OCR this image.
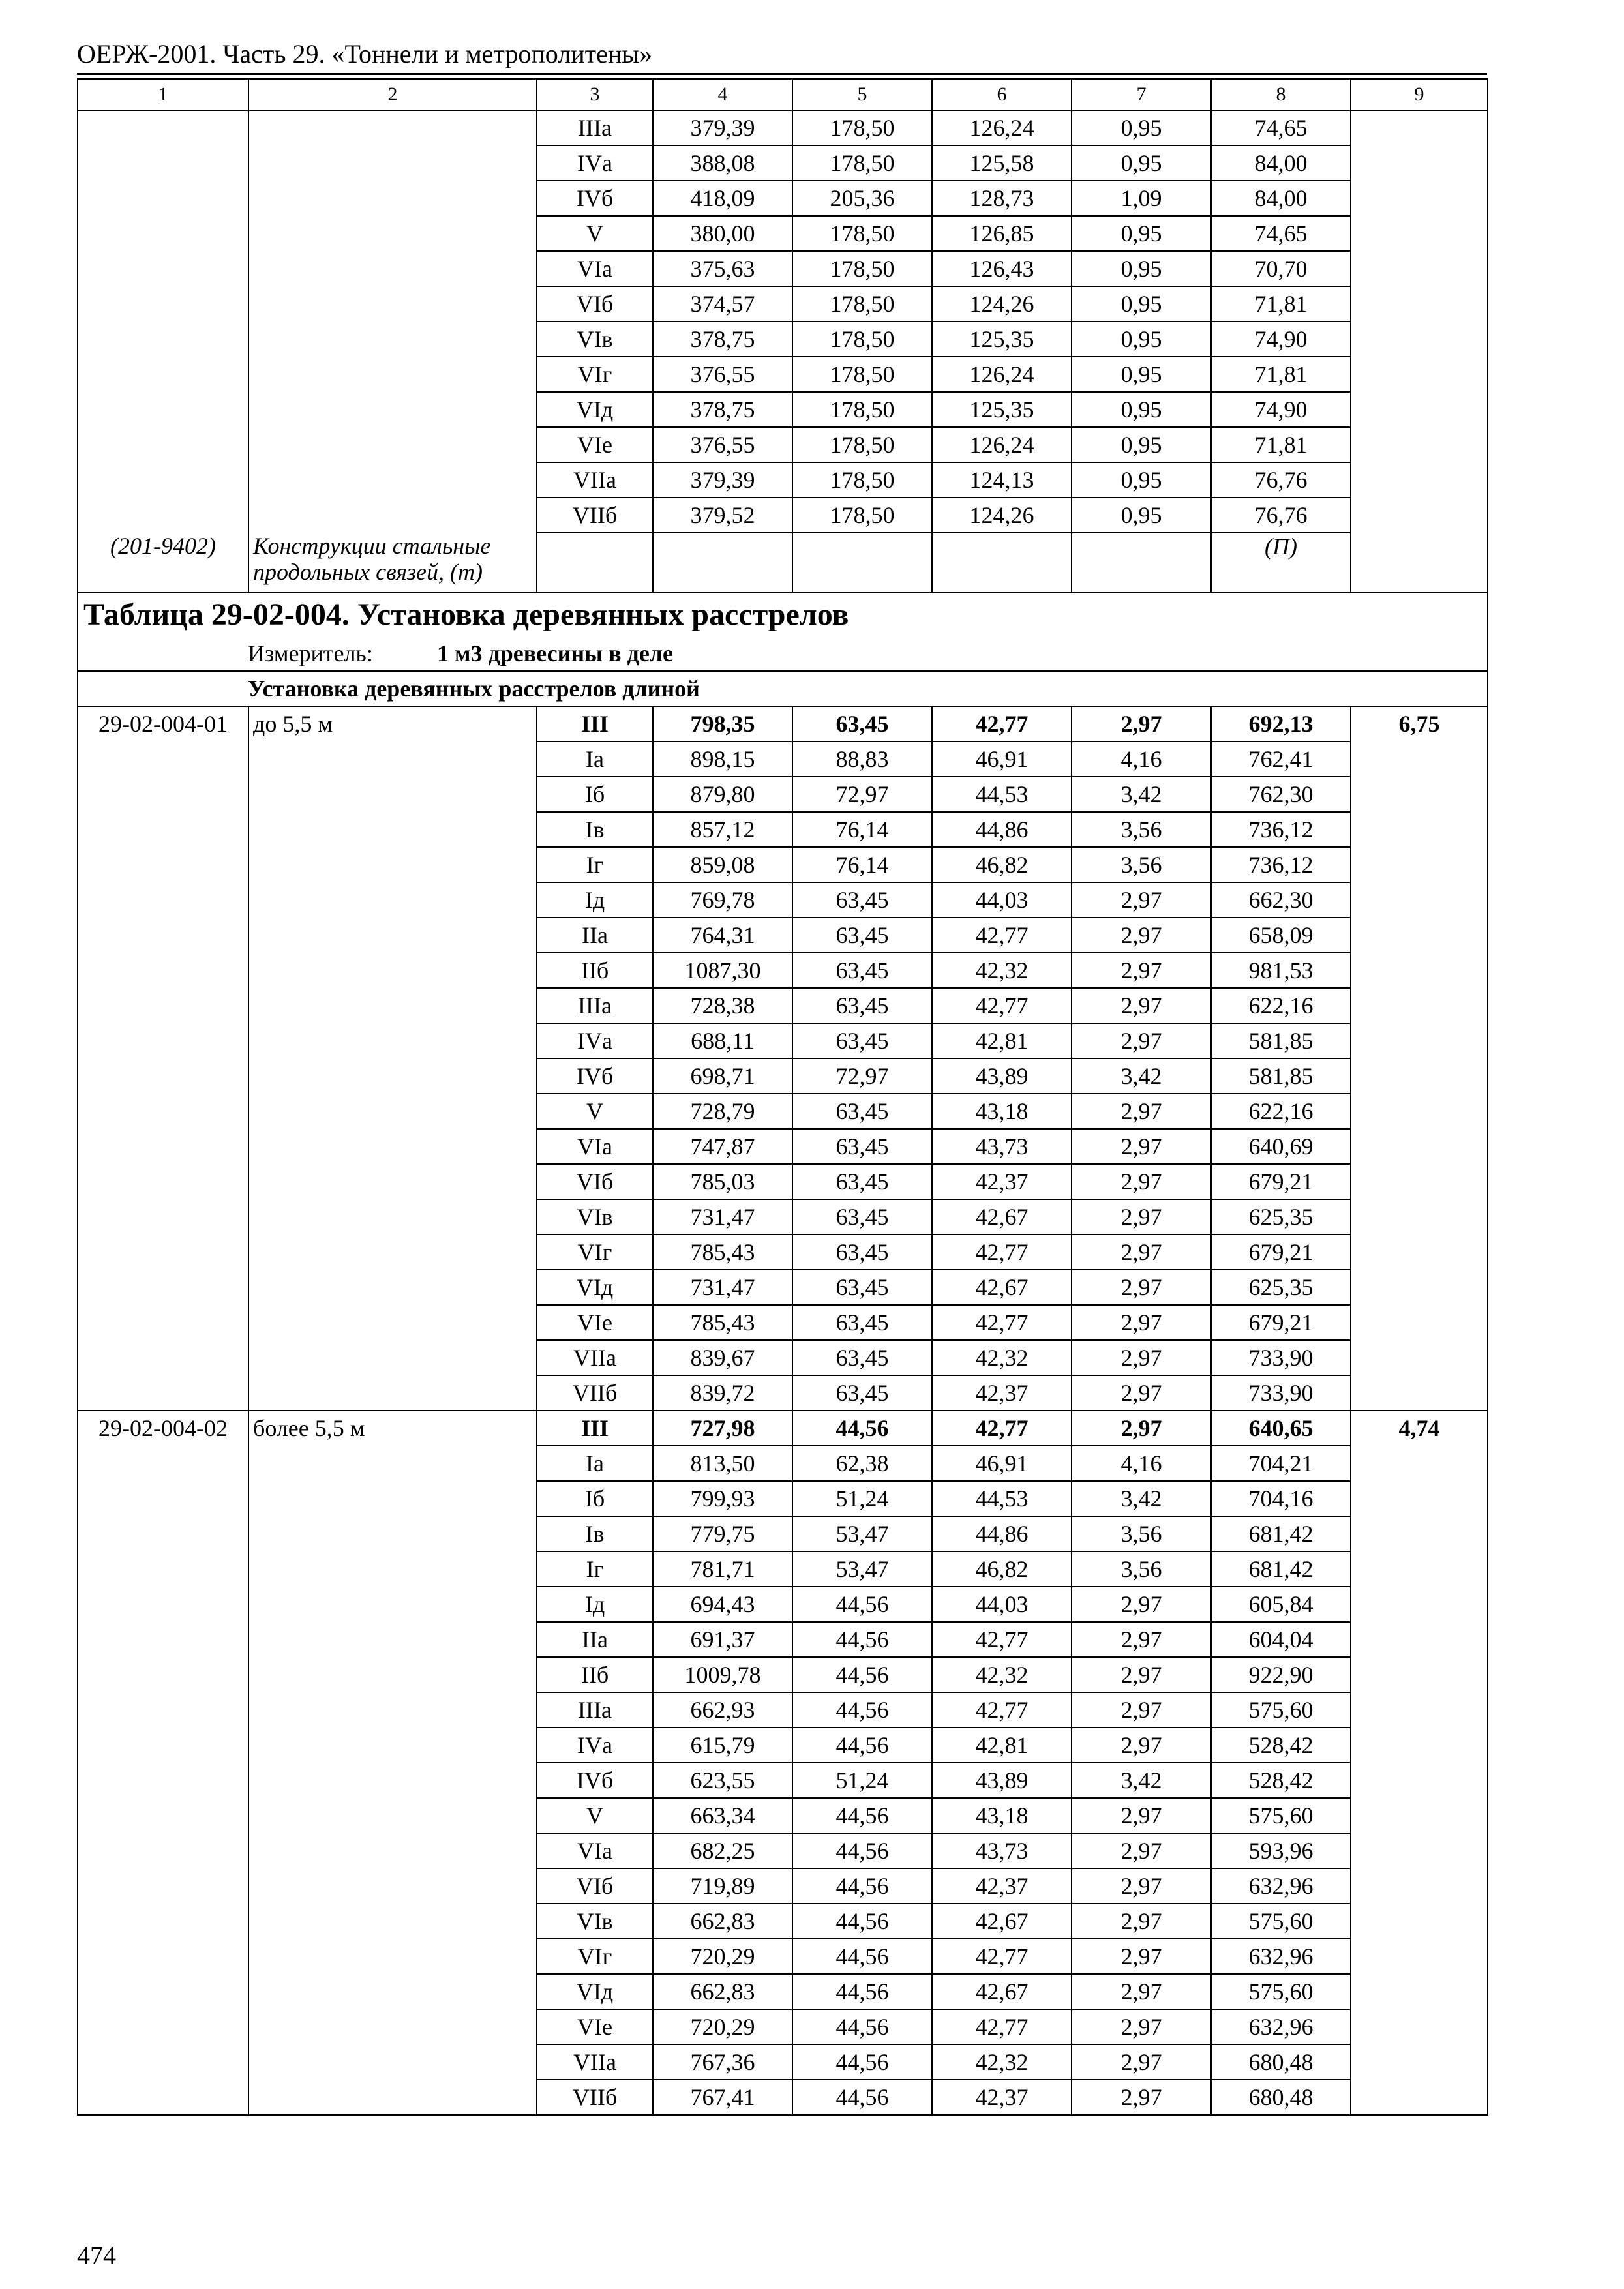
ОЕРЖ-2001. Часть 29. «Тоннели и метрополитены»
1	2	3	4	5	6	7	8	9
		IIIа	379,39	178,50	126,24	0,95	74,65	
		IVа	388,08	178,50	125,58	0,95	84,00	
		IVб	418,09	205,36	128,73	1,09	84,00	
		V	380,00	178,50	126,85	0,95	74,65	
		VIа	375,63	178,50	126,43	0,95	70,70	
		VIб	374,57	178,50	124,26	0,95	71,81	
		VIв	378,75	178,50	125,35	0,95	74,90	
		VIг	376,55	178,50	126,24	0,95	71,81	
		VIд	378,75	178,50	125,35	0,95	74,90	
		VIе	376,55	178,50	126,24	0,95	71,81	
		VIIа	379,39	178,50	124,13	0,95	76,76	
		VIIб	379,52	178,50	124,26	0,95	76,76	
(201-9402)	Конструкции стальные продольных связей, (т)						(П)	
Таблица 29-02-004. Установка деревянных расстрелов								
Измеритель: 1 м3 древесины в деле								
Установка деревянных расстрелов длиной								
29-02-004-01	до 5,5 м	III	798,35	63,45	42,77	2,97	692,13	6,75
		Iа	898,15	88,83	46,91	4,16	762,41	
		Iб	879,80	72,97	44,53	3,42	762,30	
		Iв	857,12	76,14	44,86	3,56	736,12	
		Iг	859,08	76,14	46,82	3,56	736,12	
		Iд	769,78	63,45	44,03	2,97	662,30	
		IIа	764,31	63,45	42,77	2,97	658,09	
		IIб	1087,30	63,45	42,32	2,97	981,53	
		IIIа	728,38	63,45	42,77	2,97	622,16	
		IVа	688,11	63,45	42,81	2,97	581,85	
		IVб	698,71	72,97	43,89	3,42	581,85	
		V	728,79	63,45	43,18	2,97	622,16	
		VIа	747,87	63,45	43,73	2,97	640,69	
		VIб	785,03	63,45	42,37	2,97	679,21	
		VIв	731,47	63,45	42,67	2,97	625,35	
		VIг	785,43	63,45	42,77	2,97	679,21	
		VIд	731,47	63,45	42,67	2,97	625,35	
		VIе	785,43	63,45	42,77	2,97	679,21	
		VIIа	839,67	63,45	42,32	2,97	733,90	
		VIIб	839,72	63,45	42,37	2,97	733,90	
29-02-004-02	более 5,5 м	III	727,98	44,56	42,77	2,97	640,65	4,74
		Iа	813,50	62,38	46,91	4,16	704,21	
		Iб	799,93	51,24	44,53	3,42	704,16	
		Iв	779,75	53,47	44,86	3,56	681,42	
		Iг	781,71	53,47	46,82	3,56	681,42	
		Iд	694,43	44,56	44,03	2,97	605,84	
		IIа	691,37	44,56	42,77	2,97	604,04	
		IIб	1009,78	44,56	42,32	2,97	922,90	
		IIIа	662,93	44,56	42,77	2,97	575,60	
		IVа	615,79	44,56	42,81	2,97	528,42	
		IVб	623,55	51,24	43,89	3,42	528,42	
		V	663,34	44,56	43,18	2,97	575,60	
		VIа	682,25	44,56	43,73	2,97	593,96	
		VIб	719,89	44,56	42,37	2,97	632,96	
		VIв	662,83	44,56	42,67	2,97	575,60	
		VIг	720,29	44,56	42,77	2,97	632,96	
		VIд	662,83	44,56	42,67	2,97	575,60	
		VIе	720,29	44,56	42,77	2,97	632,96	
		VIIа	767,36	44,56	42,32	2,97	680,48	
		VIIб	767,41	44,56	42,37	2,97	680,48	
474
